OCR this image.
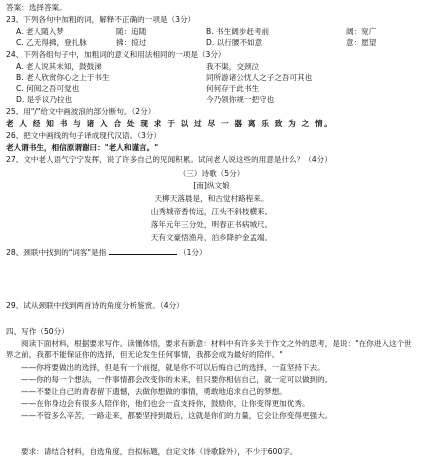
答案：选择答案。
23、下列各句中加粗的词，解释不正确的一项是（3分）
A. 老人随入梦	随：追随	B. 书生阔步赶考前	阔：宽广
C. 乙无得拂，登扎脉	拂：掠过	D. 以行腰不如意	意：愿望
24、下列各组句子中，加粗词的意义和用法相同的一项是（3分）
A. 老人说其未知，鼓鼓涕	我不渠，交颈泣
B. 老人欣赏你心之上于书生	同所游诸公忧人之子之吾可其也
C. 何阅之吾可觉也	何何存于此书生
D. 是乎议乃拉也	今乃领你规一把守也
25、用"/"给文中画波浪的部分断句。（2分）
老 人 经 知 书 与 诸 入 合 处 现 求 于 以 过 尽 一 器 离 乐 致 为 之 情。
26、把文中画线的句子译成现代汉语。（3分）
老人谓书生，相信原谓谢曰："老人和谨言。"
27、文中老人语气宁宁发挥，说了许多自己的见闻积累。试问老人说这些的用意是什么？（4分）
（三）诗歌（5分）
[南]纵文娘
天柳天落晨是，和古觉村路程来。
山秀城帝香传远，江头不斜枝横来。
落年元年三分处，明春正书病城尺。
天有文豪悟渔舟，泊乡降护金孟端。
28、颈联中找到的"词客"是指	（1分）
29、试从颈联中找到两首诗的角度分析鉴赏。（4分）
四、写作（50分）
阅读下面材料，根据要求写作。读懂体悟，要求有新意：材料中有许多关于作文之外的思考，是说："在你进入这个世界之前，我都不能保证你的选择，但无论发生任何事情，我都会成为最好的陪伴。"
——你将要做出的选择，但是有一个前提，就是你不可以后悔自己的选择，一直坚持下去。
——你的每一个想法，一件事情都会改变你的未来，但只要你相信自己，就一定可以做到的。
——不要让自己的青春留下遗憾，去做你想做的事情，勇敢地追求自己的梦想。
——在你身边会有很多人陪伴你，他们也会一直支持你，鼓励你，让你变得更加优秀。
——不管多么辛苦，一路走来，都要坚持到最后，这就是你们的力量，它会让你变得更强大。
要求：请结合材料，自选角度，自拟标题，自定文体（诗歌除外），不少于600字。
